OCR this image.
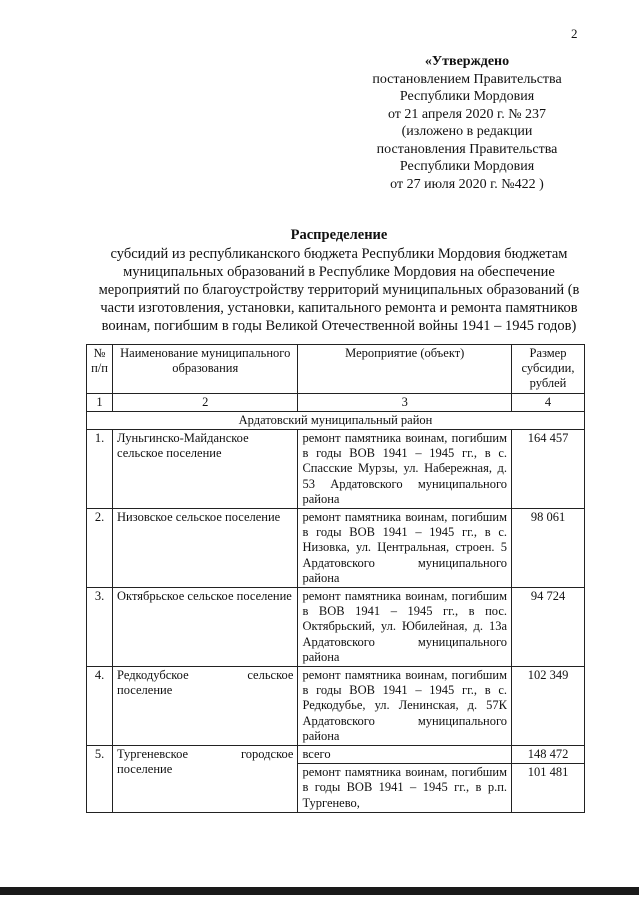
2
«Утверждено
постановлением Правительства
Республики Мордовия
от 21 апреля 2020 г. № 237
(изложено в редакции
постановления Правительства
Республики Мордовия
от 27 июля 2020 г. №422 )
Распределение
субсидий из республиканского бюджета Республики Мордовия бюджетам
муниципальных образований в Республике Мордовия на обеспечение
мероприятий по благоустройству территорий муниципальных образований (в
части изготовления, установки, капитального ремонта и ремонта памятников
воинам, погибшим в годы Великой Отечественной войны 1941 – 1945 годов)
№ п/п	Наименование муниципального образования	Мероприятие (объект)	Размер субсидии, рублей
1	2	3	4
Ардатовский муниципальный район			
1.	Луньгинско-Майданское сельское поселение	ремонт памятника воинам, погибшим в годы ВОВ 1941 – 1945 гг., в с. Спасские Мурзы, ул. Набережная, д. 53 Ардатовского муниципального района	164 457
2.	Низовское сельское поселение	ремонт памятника воинам, погибшим в годы ВОВ 1941 – 1945 гг., в с. Низовка, ул. Центральная, строен. 5 Ардатовского муниципального района	98 061
3.	Октябрьское сельское поселение	ремонт памятника воинам, погибшим в ВОВ 1941 – 1945 гг., в пос. Октябрьский, ул. Юбилейная, д. 13а Ардатовского муниципального района	94 724
4.	Редкодубское сельское поселение	ремонт памятника воинам, погибшим в годы ВОВ 1941 – 1945 гг., в с. Редкодубье, ул. Ленинская, д. 57К Ардатовского муниципального района	102 349
5.	Тургеневское городское поселение	всего	148 472
		ремонт памятника воинам, погибшим в годы ВОВ 1941 – 1945 гг., в р.п. Тургенево,	101 481
